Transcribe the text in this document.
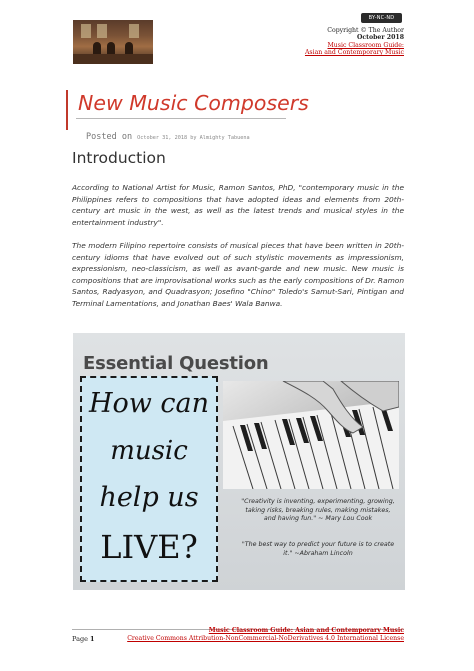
BY-NC-ND
Copyright © The Author
October 2018
Music Classroom Guide:
Asian and Contemporary Music
New Music Composers
Posted on October 31, 2018 by Almighty Tabuena
Introduction
According to National Artist for Music, Ramon Santos, PhD, "contemporary music in the Philippines refers to compositions that have adopted ideas and elements from 20th-century art music in the west, as well as the latest trends and musical styles in the entertainment industry".
The modern Filipino repertoire consists of musical pieces that have been written in 20th-century idioms that have evolved out of such stylistic movements as impressionism, expressionism, neo-classicism, as well as avant-garde and new music. New music is compositions that are improvisational works such as the early compositions of Dr. Ramon Santos, Radyasyon, and Quadrasyon; Josefino "Chino" Toledo's Samut-Sari, Pintigan and Terminal Lamentations, and Jonathan Baes' Wala Banwa.
Essential Question
How can
music
help us
LIVE?
"Creativity is inventing, experimenting, growing, taking risks, breaking rules, making mistakes, and having fun." ~ Mary Lou Cook
"The best way to predict your future is to create it." ~Abraham Lincoln
Music Classroom Guide: Asian and Contemporary Music
Creative Commons Attribution-NonCommercial-NoDerivatives 4.0 International License
Page 1
